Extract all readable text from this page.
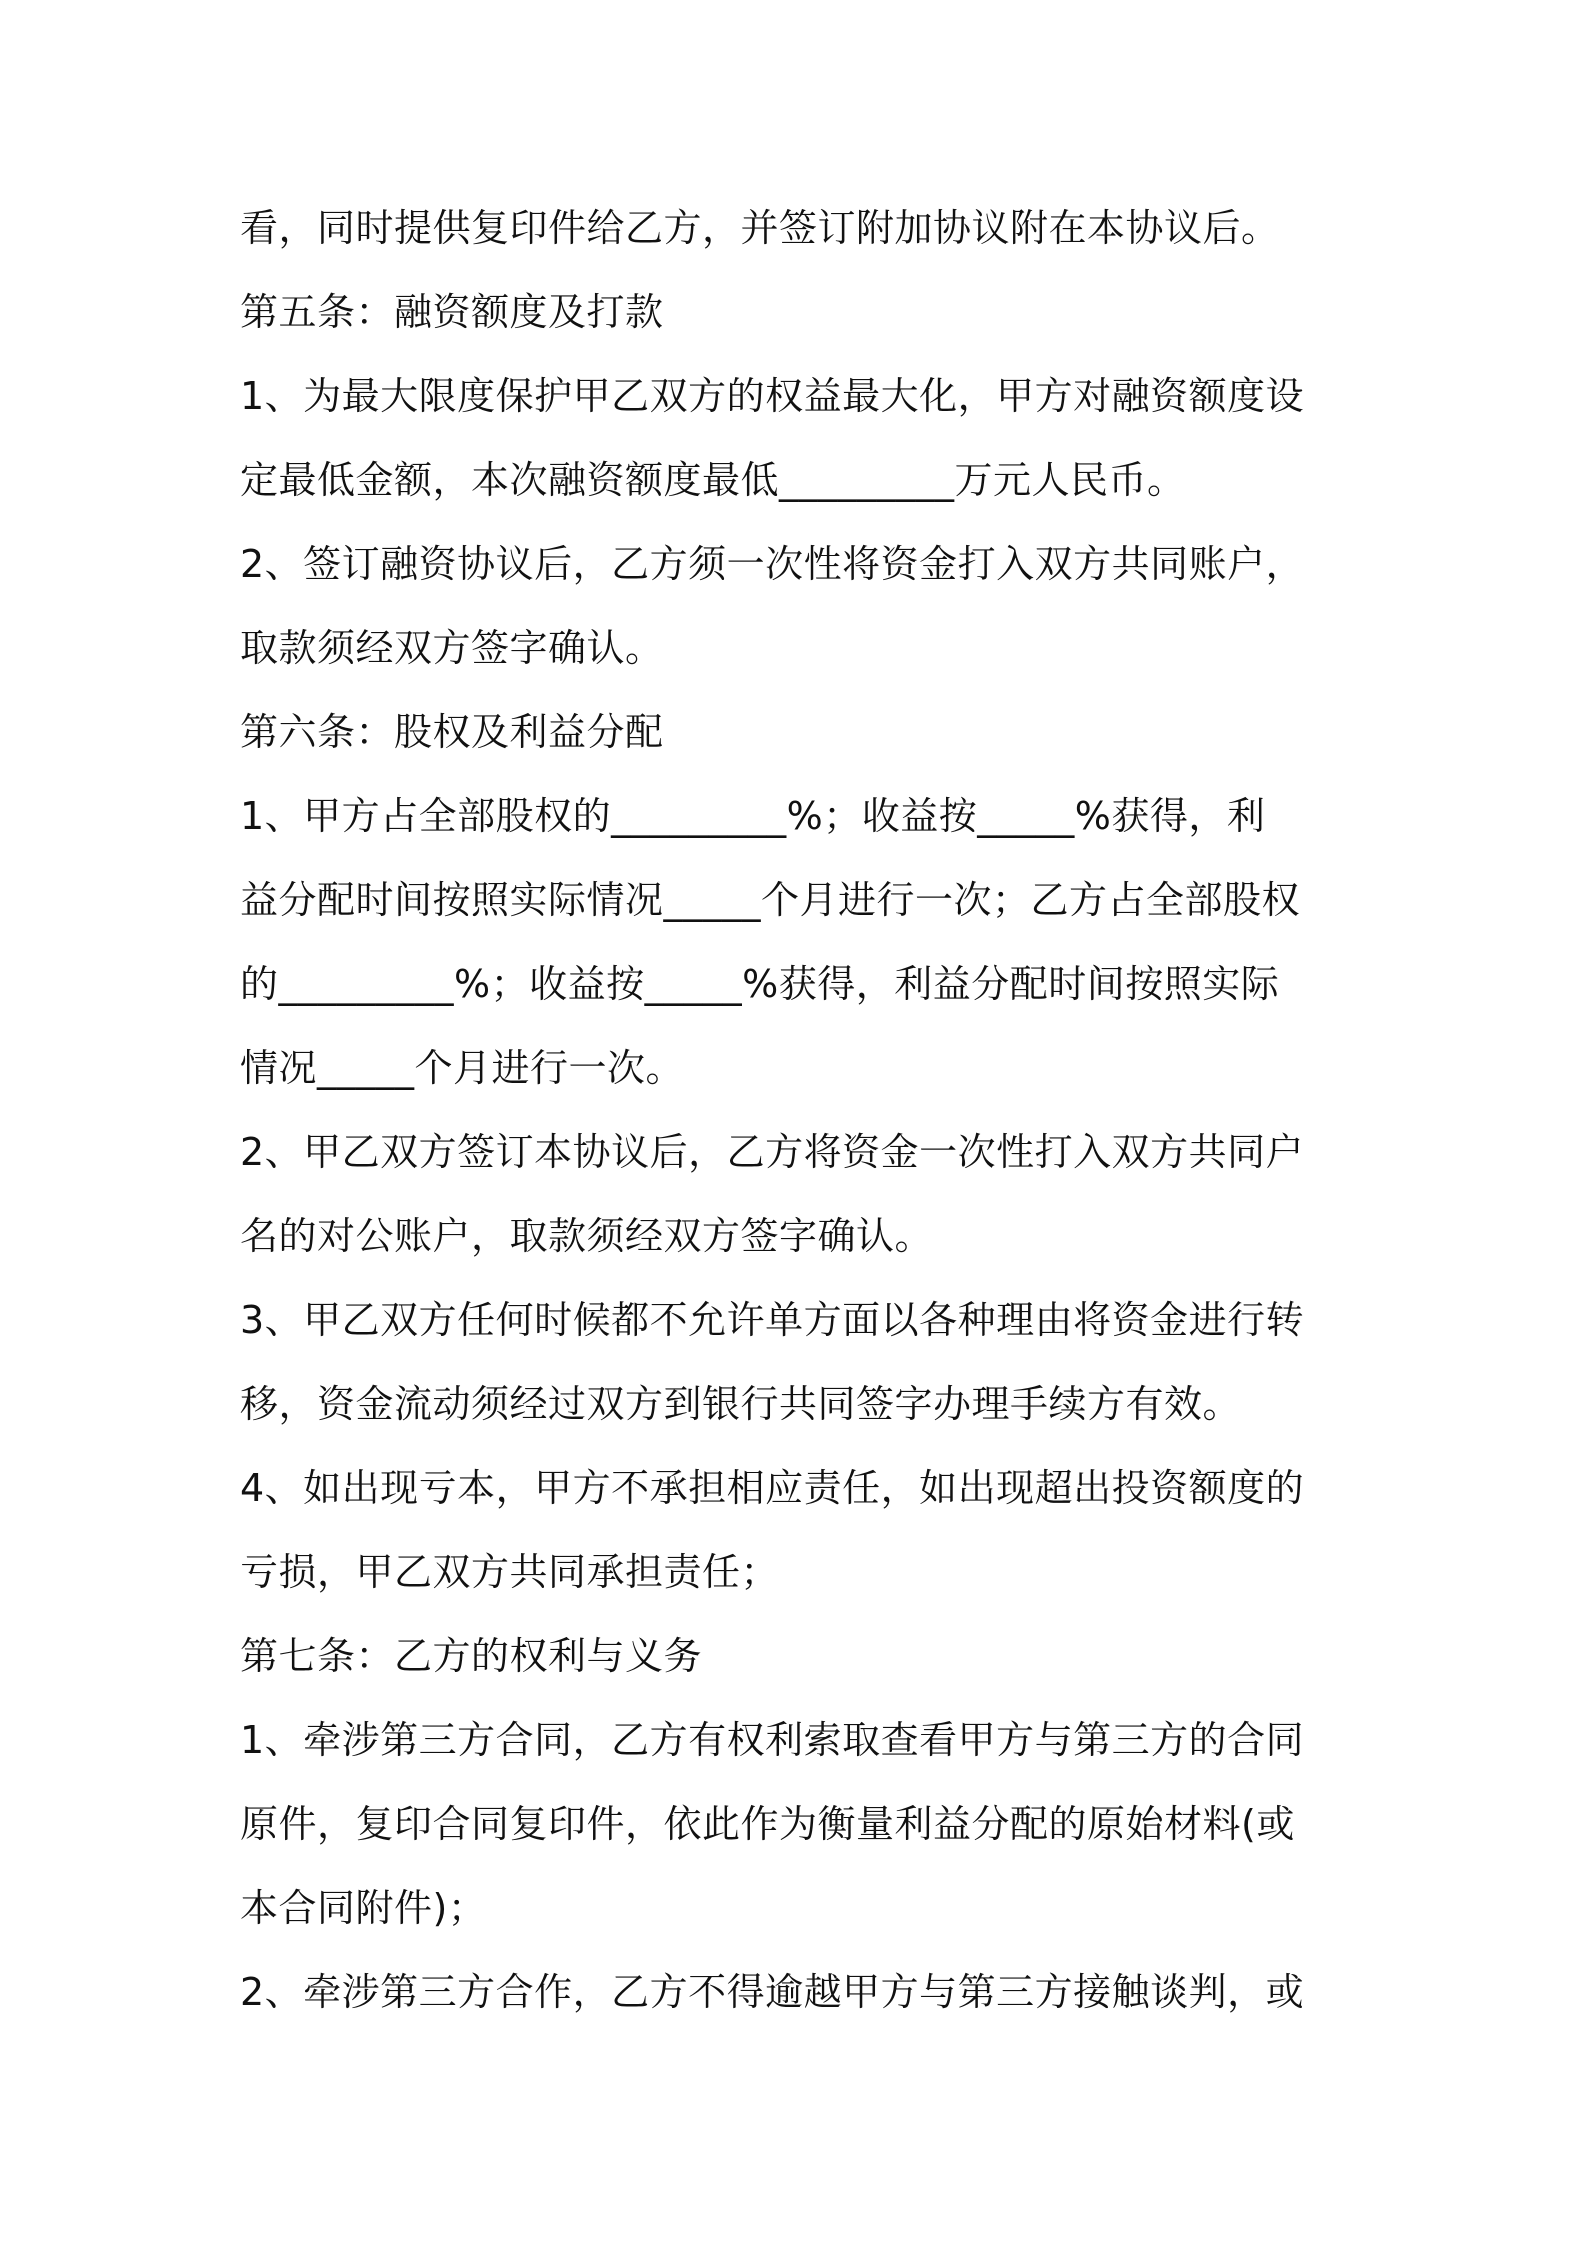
看，同时提供复印件给乙方，并签订附加协议附在本协议后。
第五条：融资额度及打款
1、为最大限度保护甲乙双方的权益最大化，甲方对融资额度设
定最低金额，本次融资额度最低_________万元人民币。
2、签订融资协议后，乙方须一次性将资金打入双方共同账户，
取款须经双方签字确认。
第六条：股权及利益分配
1、甲方占全部股权的_________%；收益按_____%获得，利
益分配时间按照实际情况_____个月进行一次；乙方占全部股权
的_________%；收益按_____%获得，利益分配时间按照实际
情况_____个月进行一次。
2、甲乙双方签订本协议后，乙方将资金一次性打入双方共同户
名的对公账户，取款须经双方签字确认。
3、甲乙双方任何时候都不允许单方面以各种理由将资金进行转
移，资金流动须经过双方到银行共同签字办理手续方有效。
4、如出现亏本，甲方不承担相应责任，如出现超出投资额度的
亏损，甲乙双方共同承担责任；
第七条：乙方的权利与义务
1、牵涉第三方合同，乙方有权利索取查看甲方与第三方的合同
原件，复印合同复印件，依此作为衡量利益分配的原始材料(或
本合同附件)；
2、牵涉第三方合作，乙方不得逾越甲方与第三方接触谈判，或
